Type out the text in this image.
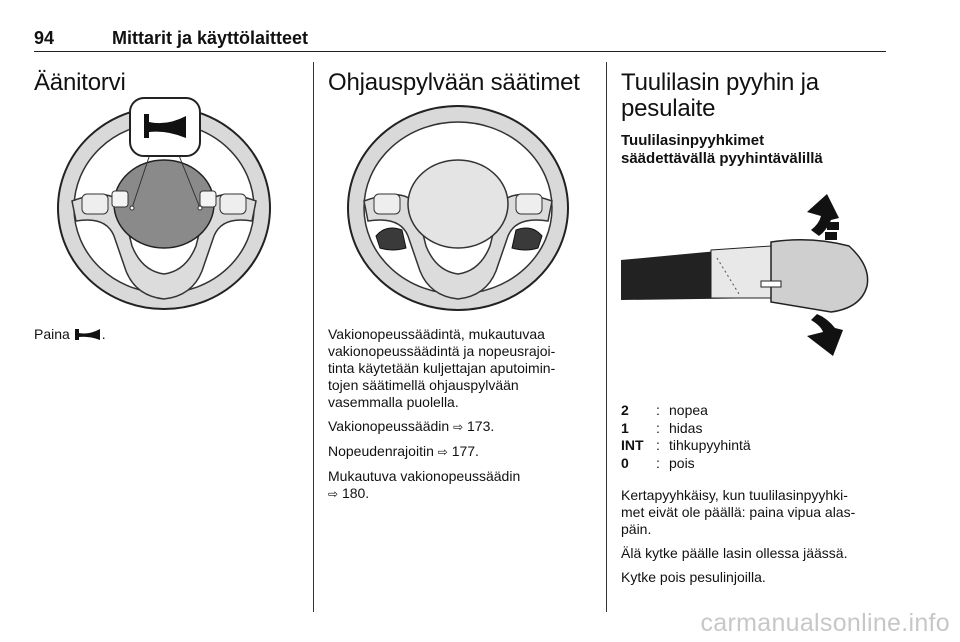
94	Mittarit ja käyttölaitteet
Äänitorvi
Paina .
Ohjauspylvään säätimet

Vakionopeussäädintä, mukautuvaa
vakionopeussäädintä ja nopeusrajoi-
tinta käytetään kuljettajan aputoimin-
tojen säätimellä ohjauspylvään
vasemmalla puolella.

Vakionopeussäädin ⇨ 173.

Nopeudenrajoitin ⇨ 177.

Mukautuva vakionopeussäädin
⇨ 180.

Tuulilasin pyyhin ja
pesulaite
Tuulilasinpyyhkimet
säädettävällä pyyhintävälillä
2 : nopea
1 : hidas
INT : tihkupyyhintä
0 : pois

Kertapyyhkäisy, kun tuulilasinpyyhki-
met eivät ole päällä: paina vipua alas-
päin.

Älä kytke päälle lasin ollessa jäässä.

Kytke pois pesulinjoilla.

carmanualsonline.info
